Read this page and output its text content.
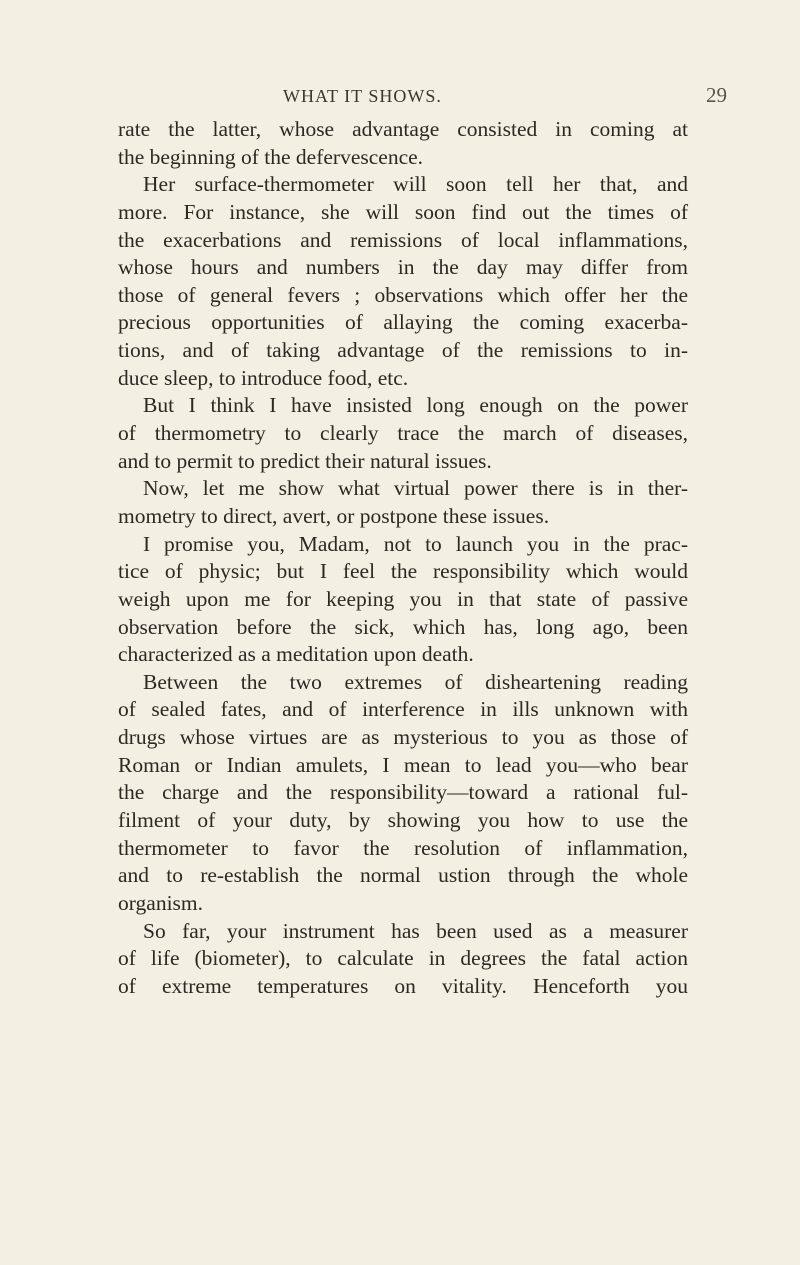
WHAT IT SHOWS.	29
rate the latter, whose advantage consisted in coming at
the beginning of the defervescence.
Her surface-thermometer will soon tell her that, and
more. For instance, she will soon find out the times of
the exacerbations and remissions of local inflammations,
whose hours and numbers in the day may differ from
those of general fevers ; observations which offer her the
precious opportunities of allaying the coming exacerba-
tions, and of taking advantage of the remissions to in-
duce sleep, to introduce food, etc.
But I think I have insisted long enough on the power
of thermometry to clearly trace the march of diseases,
and to permit to predict their natural issues.
Now, let me show what virtual power there is in ther-
mometry to direct, avert, or postpone these issues.
I promise you, Madam, not to launch you in the prac-
tice of physic; but I feel the responsibility which would
weigh upon me for keeping you in that state of passive
observation before the sick, which has, long ago, been
characterized as a meditation upon death.
Between the two extremes of disheartening reading
of sealed fates, and of interference in ills unknown with
drugs whose virtues are as mysterious to you as those of
Roman or Indian amulets, I mean to lead you—who bear
the charge and the responsibility—toward a rational ful-
filment of your duty, by showing you how to use the
thermometer to favor the resolution of inflammation,
and to re-establish the normal ustion through the whole
organism.
So far, your instrument has been used as a measurer
of life (biometer), to calculate in degrees the fatal action
of extreme temperatures on vitality. Henceforth you
